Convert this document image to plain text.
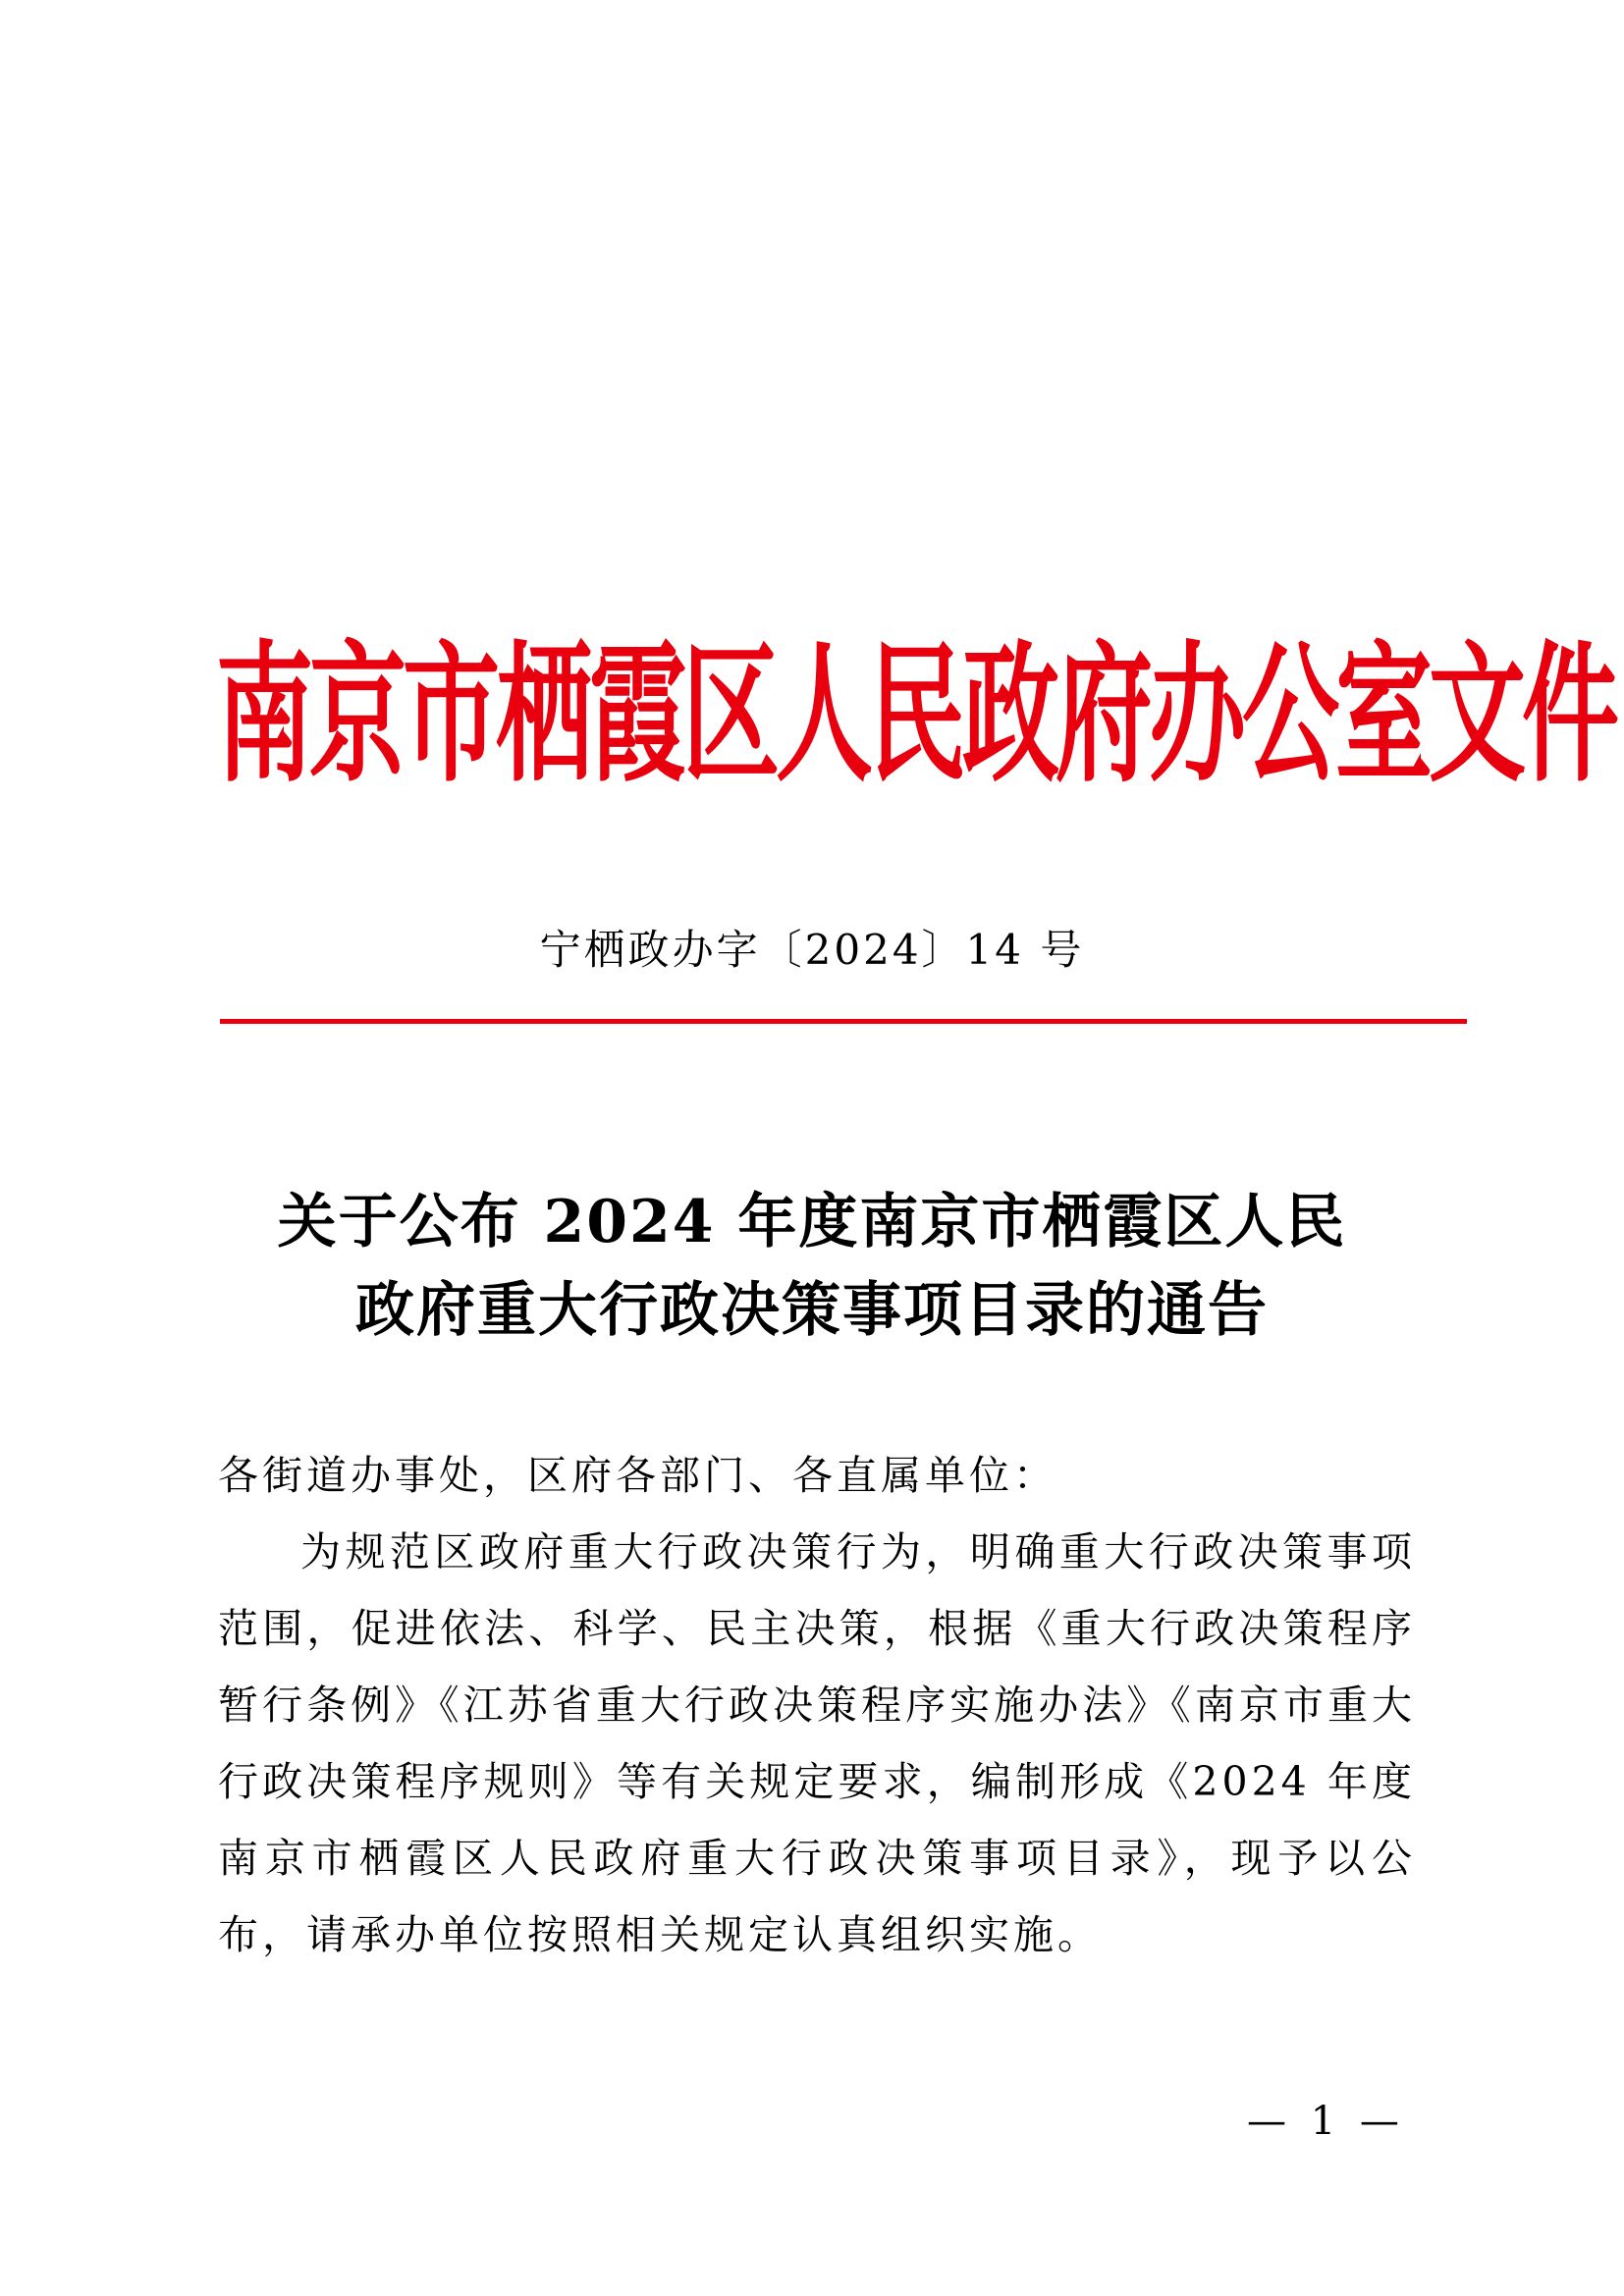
南京市栖霞区人民政府办公室文件
宁栖政办字〔2024〕14 号
关于公布 2024 年度南京市栖霞区人民
政府重大行政决策事项目录的通告
各街道办事处，区府各部门、各直属单位：
为规范区政府重大行政决策行为，明确重大行政决策事项范围，促进依法、科学、民主决策，根据《重大行政决策程序暂行条例》《江苏省重大行政决策程序实施办法》《南京市重大行政决策程序规则》等有关规定要求，编制形成《2024 年度南京市栖霞区人民政府重大行政决策事项目录》，现予以公布，请承办单位按照相关规定认真组织实施。
— 1 —
